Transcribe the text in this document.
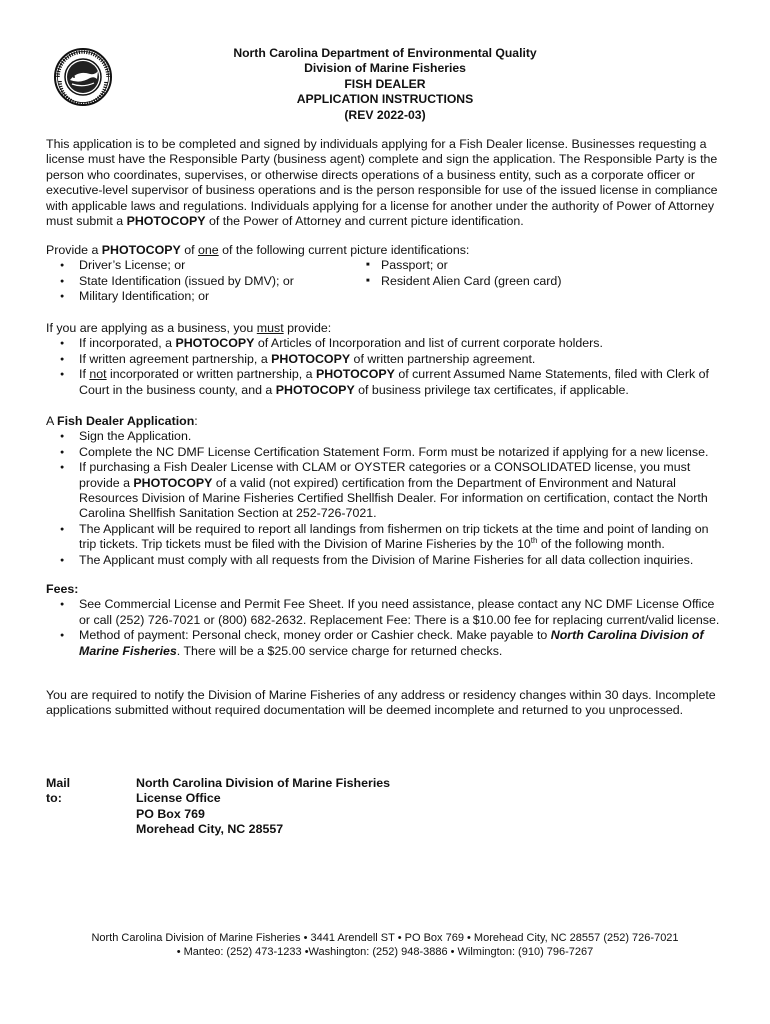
North Carolina Department of Environmental Quality
Division of Marine Fisheries
FISH DEALER
APPLICATION INSTRUCTIONS
(REV 2022-03)

This application is to be completed and signed by individuals applying for a Fish Dealer license. Businesses requesting a license must have the Responsible Party (business agent) complete and sign the application. The Responsible Party is the person who coordinates, supervises, or otherwise directs operations of a business entity, such as a corporate officer or executive-level supervisor of business operations and is the person responsible for use of the issued license in compliance with applicable laws and regulations. Individuals applying for a license for another under the authority of Power of Attorney must submit a PHOTOCOPY of the Power of Attorney and current picture identification.

Provide a PHOTOCOPY of one of the following current picture identifications:

● Driver’s License; or
● State Identification (issued by DMV); or
● Military Identification; or
■ Passport; or
■ Resident Alien Card (green card)

If you are applying as a business, you must provide:

● If incorporated, a PHOTOCOPY of Articles of Incorporation and list of current corporate holders.
● If written agreement partnership, a PHOTOCOPY of written partnership agreement.
● If not incorporated or written partnership, a PHOTOCOPY of current Assumed Name Statements, filed with Clerk of Court in the business county, and a PHOTOCOPY of business privilege tax certificates, if applicable.

A Fish Dealer Application:

● Sign the Application.
● Complete the NC DMF License Certification Statement Form. Form must be notarized if applying for a new license.
● If purchasing a Fish Dealer License with CLAM or OYSTER categories or a CONSOLIDATED license, you must provide a PHOTOCOPY of a valid (not expired) certification from the Department of Environment and Natural Resources Division of Marine Fisheries Certified Shellfish Dealer. For information on certification, contact the North Carolina Shellfish Sanitation Section at 252-726-7021.
● The Applicant will be required to report all landings from fishermen on trip tickets at the time and point of landing on trip tickets. Trip tickets must be filed with the Division of Marine Fisheries by the 10th of the following month.
● The Applicant must comply with all requests from the Division of Marine Fisheries for all data collection inquiries.

Fees:

● See Commercial License and Permit Fee Sheet. If you need assistance, please contact any NC DMF License Office or call (252) 726-7021 or (800) 682-2632. Replacement Fee: There is a $10.00 fee for replacing current/valid license.
● Method of payment: Personal check, money order or Cashier check. Make payable to North Carolina Division of Marine Fisheries. There will be a $25.00 service charge for returned checks.

You are required to notify the Division of Marine Fisheries of any address or residency changes within 30 days. Incomplete applications submitted without required documentation will be deemed incomplete and returned to you unprocessed.

Mail to:
North Carolina Division of Marine Fisheries
License Office
PO Box 769
Morehead City, NC 28557
North Carolina Division of Marine Fisheries • 3441 Arendell ST • PO Box 769 • Morehead City, NC 28557 (252) 726-7021
• Manteo: (252) 473-1233 •Washington: (252) 948-3886 • Wilmington: (910) 796-7267
